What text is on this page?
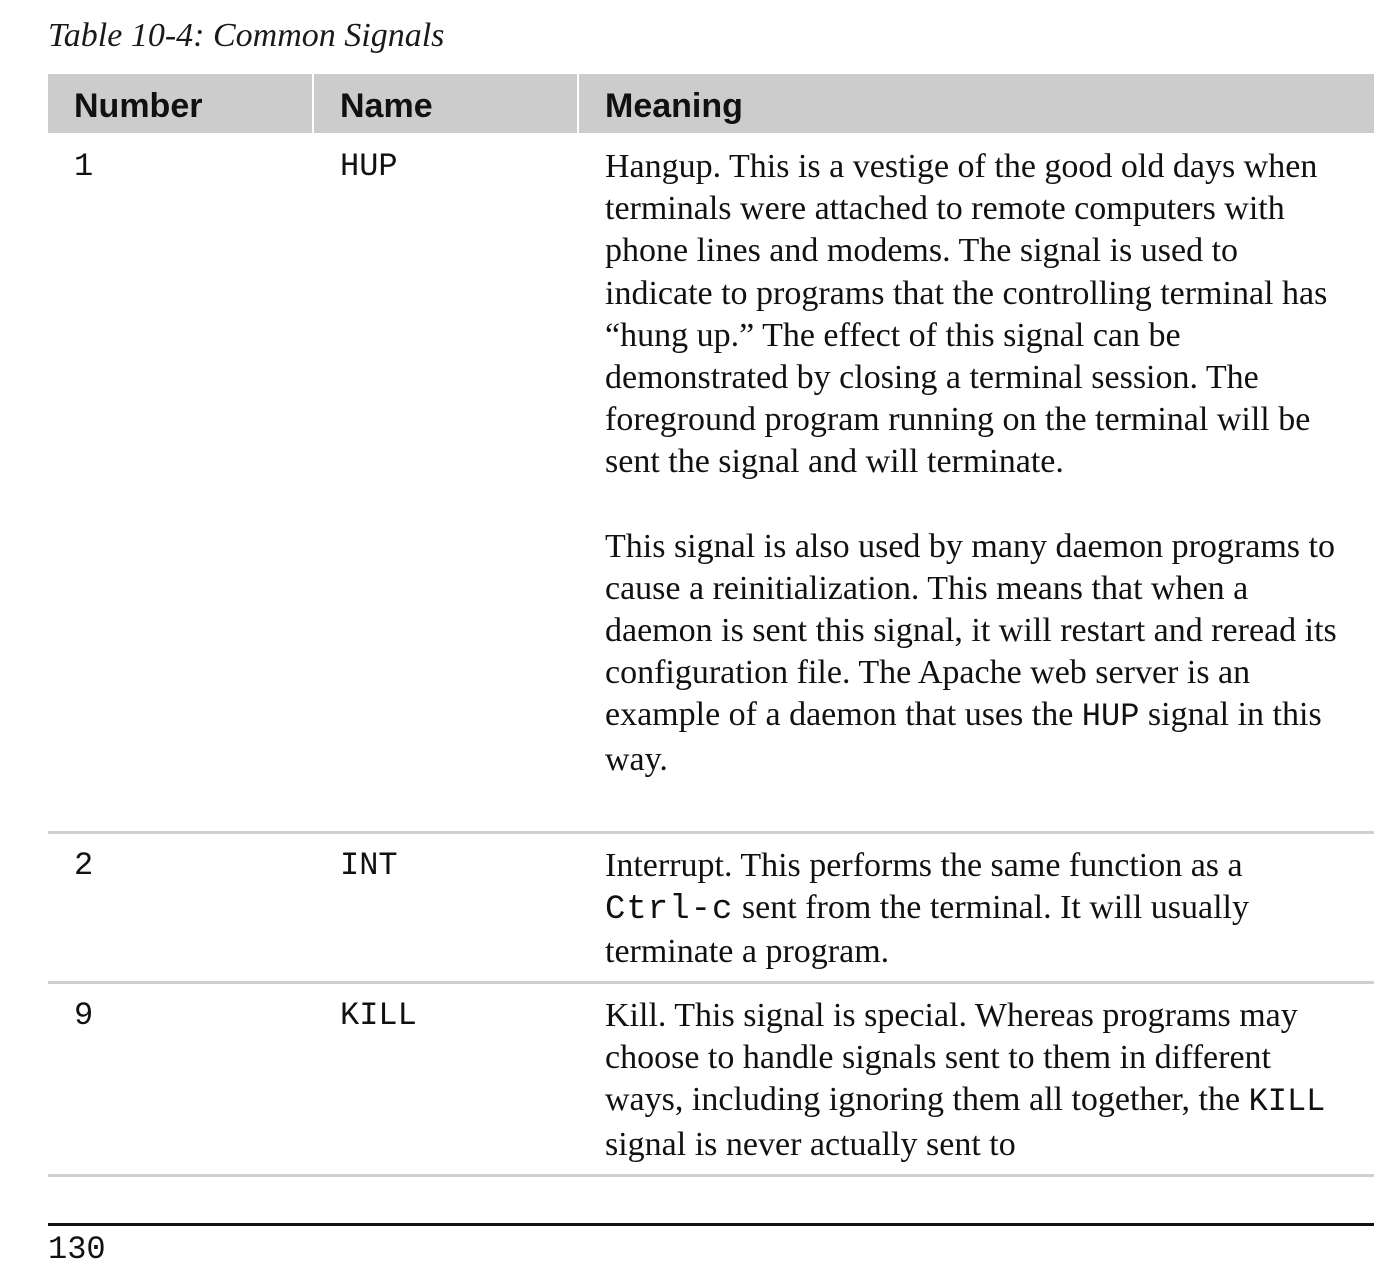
Table 10-4: Common Signals
Number	Name	Meaning
1	HUP	Hangup. This is a vestige of the good old days when terminals were attached to remote computers with phone lines and modems. The signal is used to indicate to programs that the controlling terminal has “hung up.” The effect of this signal can be demonstrated by closing a terminal session. The foreground program running on the terminal will be sent the signal and will terminate.

This signal is also used by many daemon programs to cause a reinitialization. This means that when a daemon is sent this signal, it will restart and reread its configuration file. The Apache web server is an example of a daemon that uses the HUP signal in this way.

2	INT	Interrupt. This performs the same function as a Ctrl-c sent from the terminal. It will usually terminate a program.

9	KILL	Kill. This signal is special. Whereas programs may choose to handle signals sent to them in different ways, including ignoring them all together, the KILL signal is never actually sent to

130
